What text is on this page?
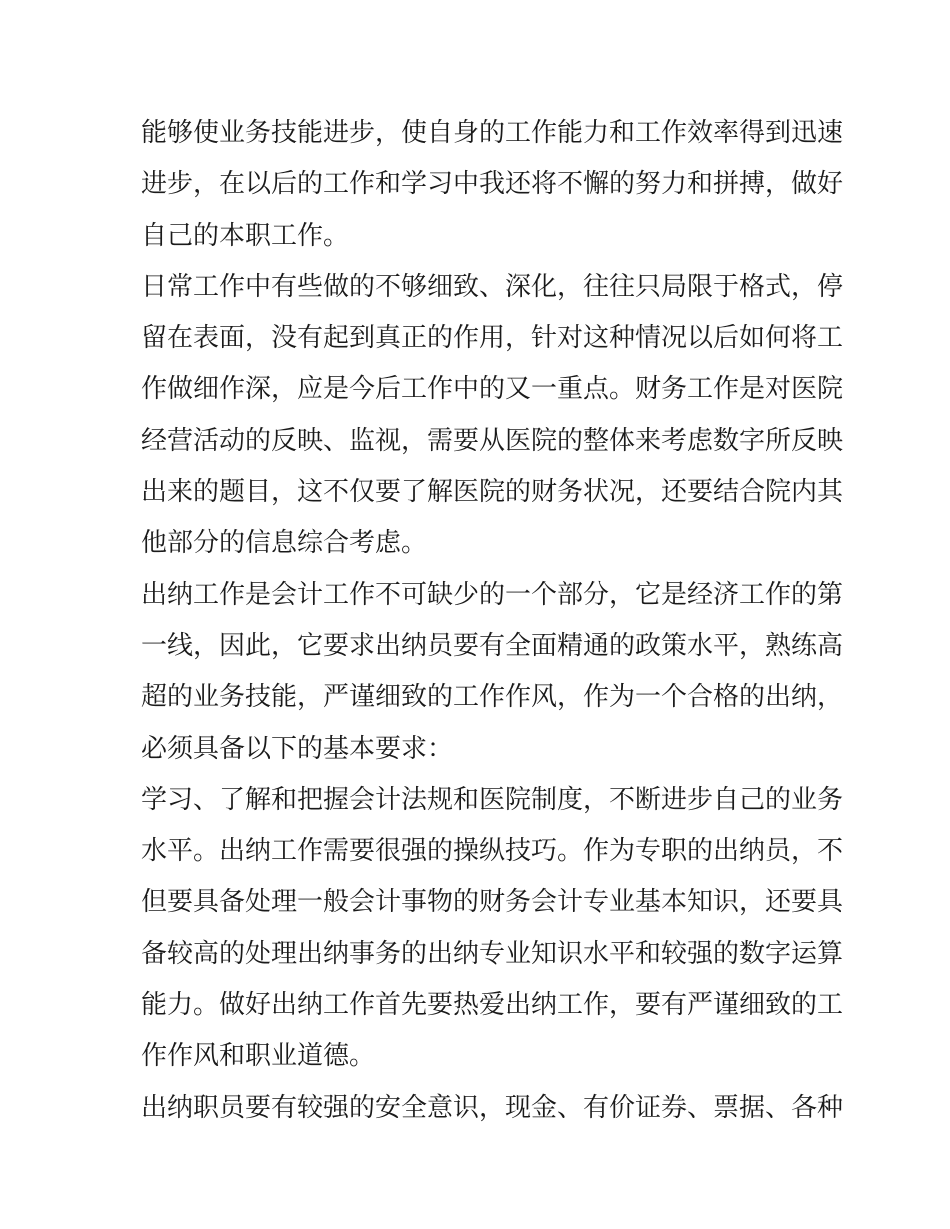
能够使业务技能进步，使自身的工作能力和工作效率得到迅速
进步，在以后的工作和学习中我还将不懈的努力和拼搏，做好
自己的本职工作。
日常工作中有些做的不够细致、深化，往往只局限于格式，停
留在表面，没有起到真正的作用，针对这种情况以后如何将工
作做细作深，应是今后工作中的又一重点。财务工作是对医院
经营活动的反映、监视，需要从医院的整体来考虑数字所反映
出来的题目，这不仅要了解医院的财务状况，还要结合院内其
他部分的信息综合考虑。
出纳工作是会计工作不可缺少的一个部分，它是经济工作的第
一线，因此，它要求出纳员要有全面精通的政策水平，熟练高
超的业务技能，严谨细致的工作作风，作为一个合格的出纳，
必须具备以下的基本要求：
学习、了解和把握会计法规和医院制度，不断进步自己的业务
水平。出纳工作需要很强的操纵技巧。作为专职的出纳员，不
但要具备处理一般会计事物的财务会计专业基本知识，还要具
备较高的处理出纳事务的出纳专业知识水平和较强的数字运算
能力。做好出纳工作首先要热爱出纳工作，要有严谨细致的工
作作风和职业道德。
出纳职员要有较强的安全意识，现金、有价证券、票据、各种
